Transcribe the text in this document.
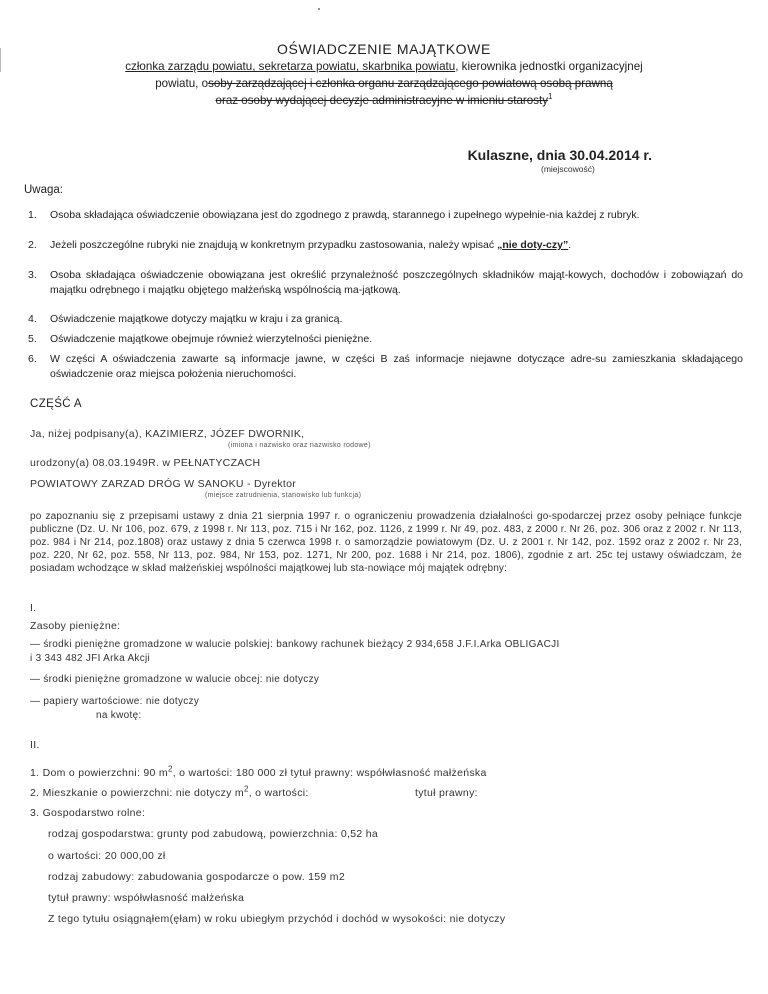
OŚWIADCZENIE MAJĄTKOWE
członka zarządu powiatu, sekretarza powiatu, skarbnika powiatu, kierownika jednostki organizacyjnej
powiatu, osoby zarządzającej i członka organu zarządzającego powiatową osobą prawną
oraz osoby wydającej decyzje administracyjne w imieniu starosty$^1$
Kulaszne, dnia 30.04.2014 r.
(miejscowość)
Uwaga:
1. Osoba składająca oświadczenie obowiązana jest do zgodnego z prawdą, starannego i zupełnego wypełnie-nia każdej z rubryk.
2. Jeżeli poszczególne rubryki nie znajdują w konkretnym przypadku zastosowania, należy wpisać „nie doty-czy”.
3. Osoba składająca oświadczenie obowiązana jest określić przynależność poszczególnych składników mająt-kowych, dochodów i zobowiązań do majątku odrębnego i majątku objętego małżeńską wspólnością ma-jątkową.
4. Oświadczenie majątkowe dotyczy majątku w kraju i za granicą.
5. Oświadczenie majątkowe obejmuje również wierzytelności pieniężne.
6. W części A oświadczenia zawarte są informacje jawne, w części B zaś informacje niejawne dotyczące adre-su zamieszkania składającego oświadczenie oraz miejsca położenia nieruchomości.
CZĘŚĆ A
Ja, niżej podpisany(a), KAZIMIERZ, JÓZEF DWORNIK,
(imiona i nazwisko oraz nazwisko rodowe)
urodzony(a) 08.03.1949R. w PEŁNATYCZACH
POWIATOWY ZARZAD DRÓG W SANOKU - Dyrektor
(miejsce zatrudnienia, stanowisko lub funkcja)
po zapoznaniu się z przepisami ustawy z dnia 21 sierpnia 1997 r. o ograniczeniu prowadzenia działalności go-spodarczej przez osoby pełniące funkcje publiczne (Dz. U. Nr 106, poz. 679, z 1998 r. Nr 113, poz. 715 i Nr 162, poz. 1126, z 1999 r. Nr 49, poz. 483, z 2000 r. Nr 26, poz. 306 oraz z 2002 r. Nr 113, poz. 984 i Nr 214, poz.1808) oraz ustawy z dnia 5 czerwca 1998 r. o samorządzie powiatowym (Dz. U. z 2001 r. Nr 142, poz. 1592 oraz z 2002 r. Nr 23, poz. 220, Nr 62, poz. 558, Nr 113, poz. 984, Nr 153, poz. 1271, Nr 200, poz. 1688 i Nr 214, poz. 1806), zgodnie z art. 25c tej ustawy oświadczam, że posiadam wchodzące w skład małżeńskiej wspólności majątkowej lub sta-nowiące mój majątek odrębny:
I.
Zasoby pieniężne:
— środki pieniężne gromadzone w walucie polskiej: bankowy rachunek bieżący 2 934,658 J.F.I.Arka OBLIGACJI
i 3 343 482 JFI Arka Akcji
— środki pieniężne gromadzone w walucie obcej: nie dotyczy
— papiery wartościowe: nie dotyczy
na kwotę:
II.
1. Dom o powierzchni: 90 $m^2$, o wartości: 180 000 zł tytuł prawny: współwłasność małżeńska
2. Mieszkanie o powierzchni: nie dotyczy $m^2$, o wartości:	tytuł prawny:
3. Gospodarstwo rolne:
rodzaj gospodarstwa: grunty pod zabudową, powierzchnia: 0,52 ha
o wartości: 20 000,00 zł
rodzaj zabudowy: zabudowania gospodarcze o pow. 159 m2
tytuł prawny: współwłasność małżeńska
Z tego tytułu osiągnąłem(ęłam) w roku ubiegłym przychód i dochód w wysokości: nie dotyczy
